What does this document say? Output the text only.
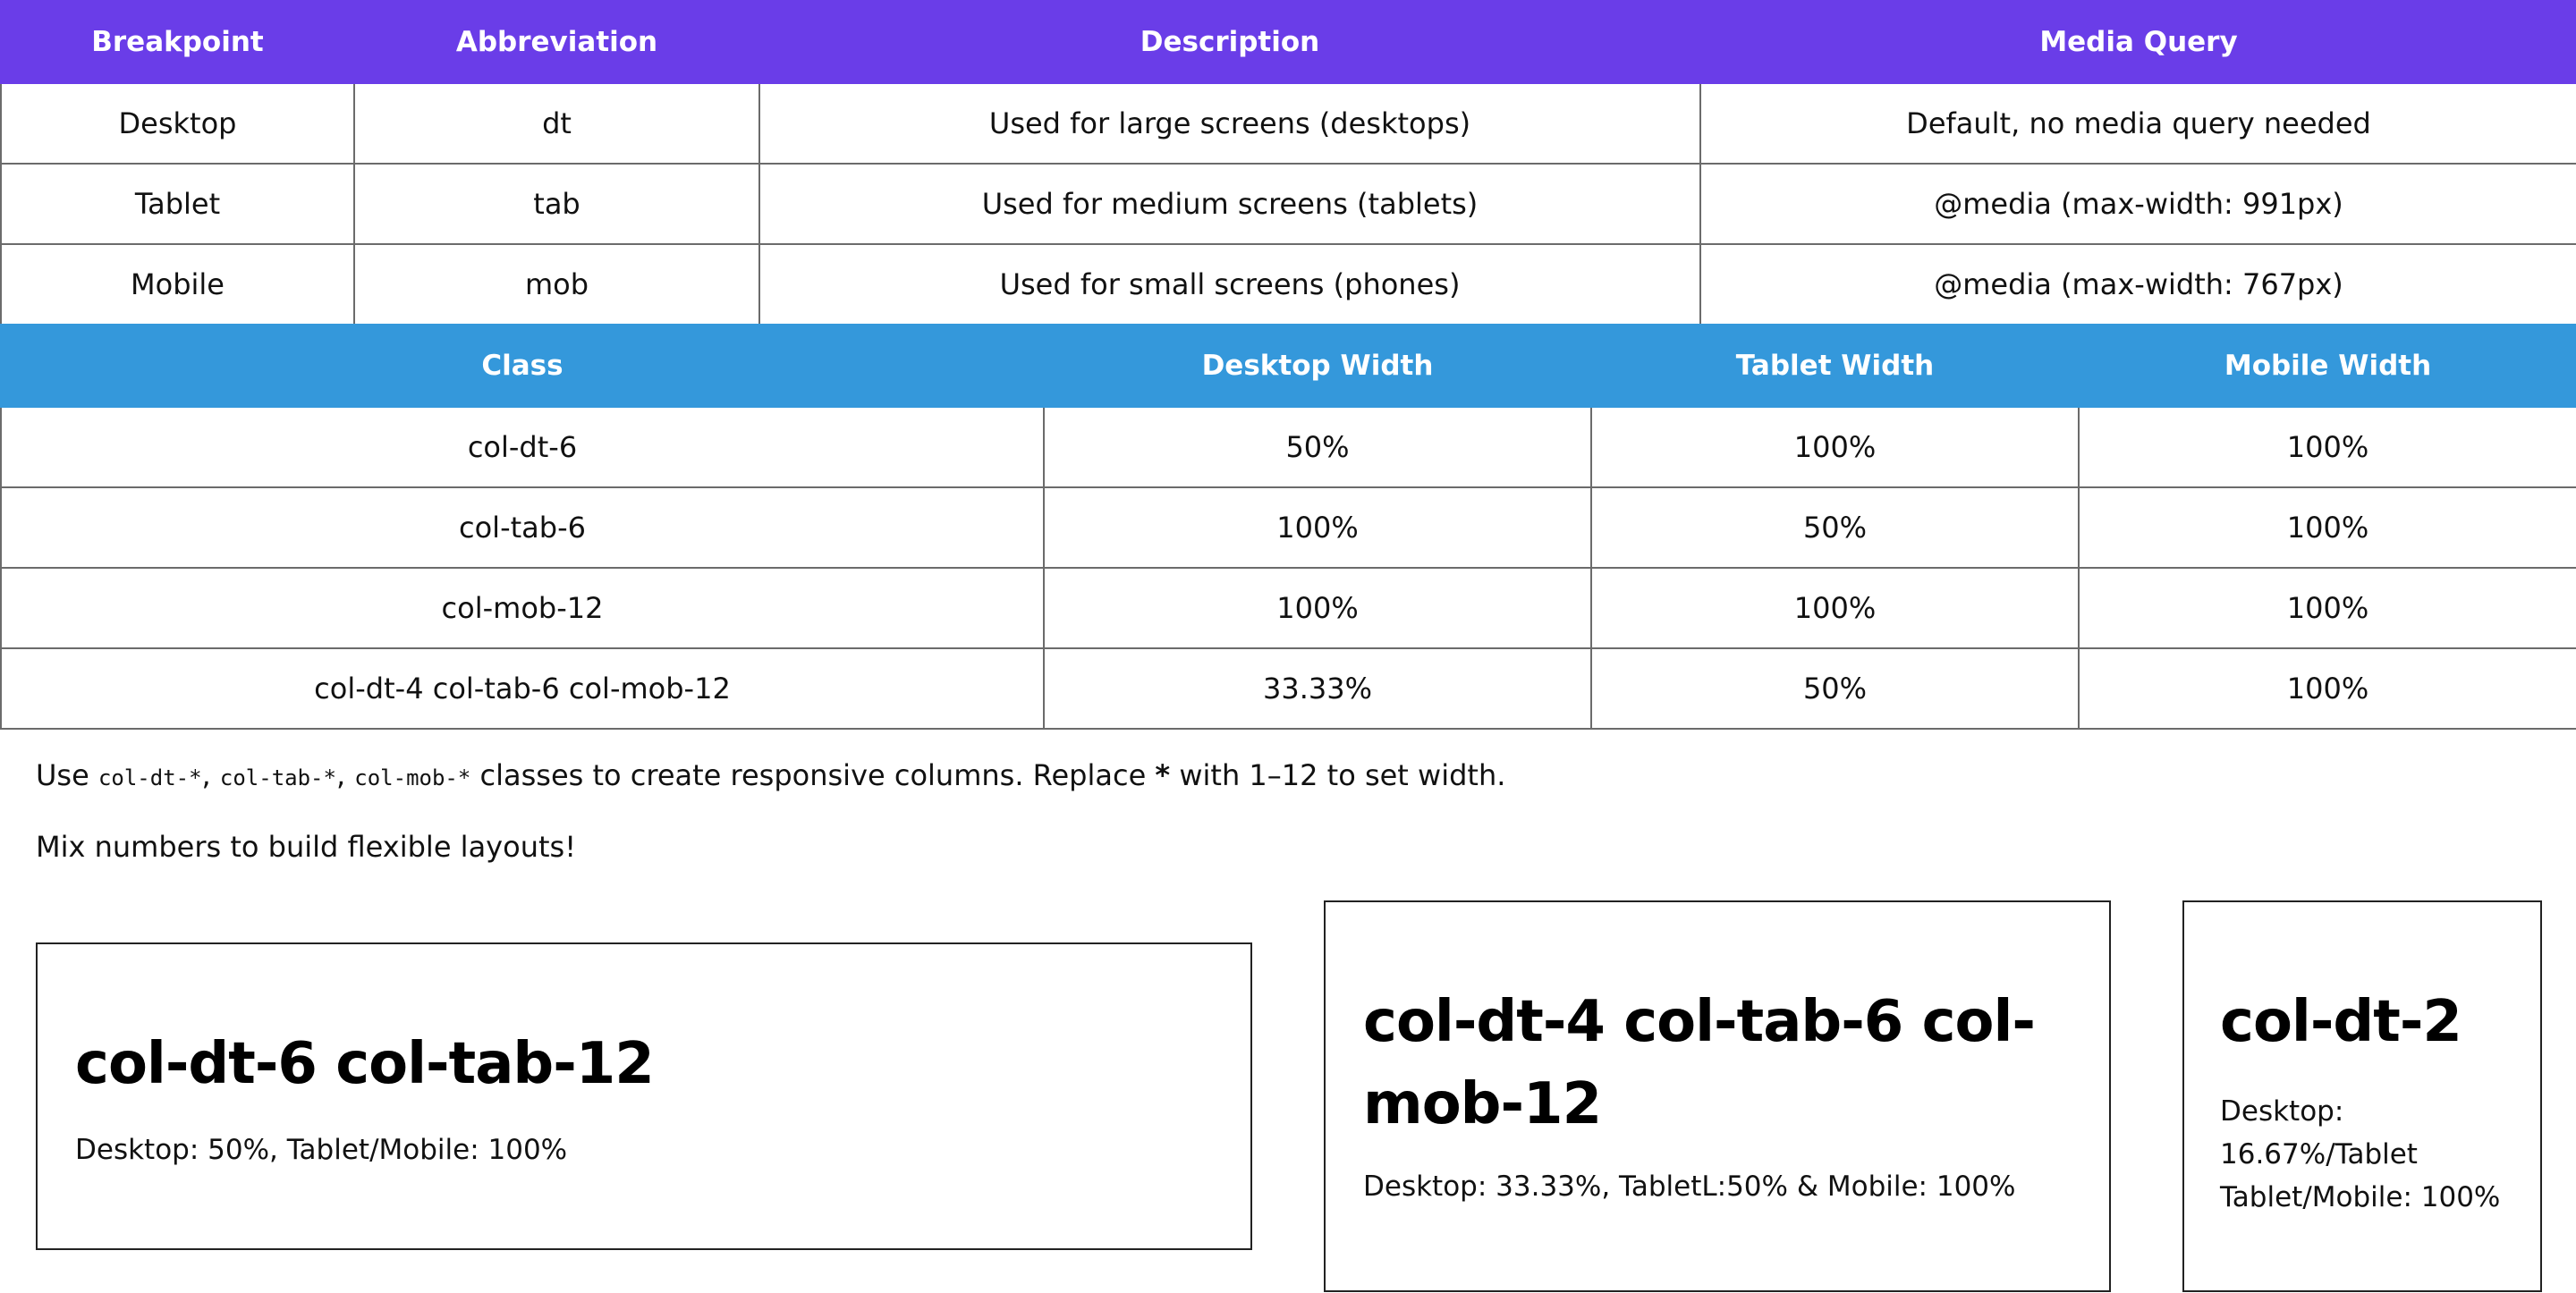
Breakpoint	Abbreviation	Description	Media Query
Desktop	dt	Used for large screens (desktops)	Default, no media query needed
Tablet	tab	Used for medium screens (tablets)	@media (max-width: 991px)
Mobile	mob	Used for small screens (phones)	@media (max-width: 767px)
Class	Desktop Width	Tablet Width	Mobile Width
col-dt-6	50%	100%	100%
col-tab-6	100%	50%	100%
col-mob-12	100%	100%	100%
col-dt-4 col-tab-6 col-mob-12	33.33%	50%	100%
Use col-dt-*, col-tab-*, col-mob-* classes to create responsive columns. Replace * with 1–12 to set width.
Mix numbers to build flexible layouts!
col-dt-6 col-tab-12

Desktop: 50%, Tablet/Mobile: 100%

col-dt-4 col-tab-6 col-mob-12

Desktop: 33.33%, TabletL:50% & Mobile: 100%

col-dt-2

Desktop: 16.67%/Tablet Tablet/Mobile: 100%
